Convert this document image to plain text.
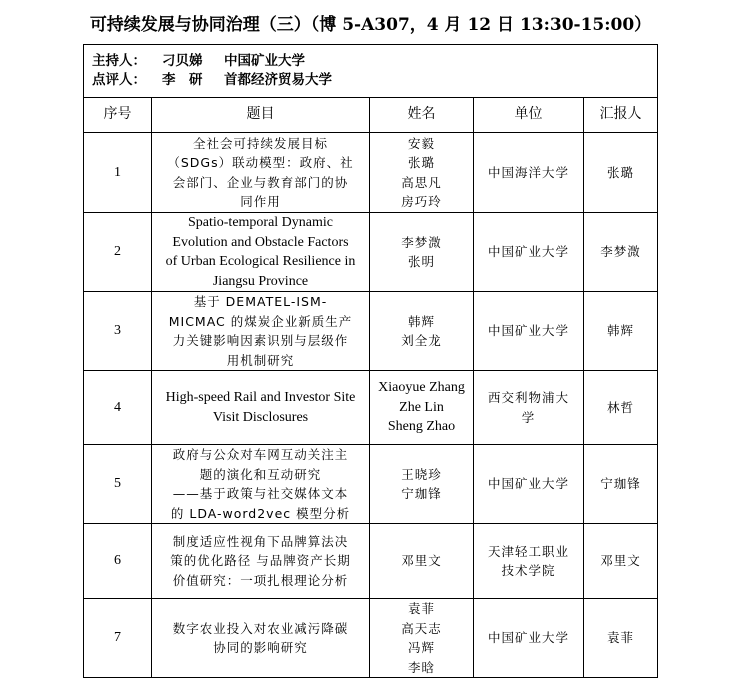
可持续发展与协同治理（三）（博 5-A307，4 月 12 日 13:30-15:00）
主持人： 刁贝娣 中国矿业大学
点评人： 李　研 首都经济贸易大学				

序号	题目	姓名	单位	汇报人

1	全社会可持续发展目标
（SDGs）联动模型：政府、社
会部门、企业与教育部门的协
同作用	安毅
张璐
高思凡
房巧玲	中国海洋大学	张璐

2	Spatio-temporal Dynamic
Evolution and Obstacle Factors
of Urban Ecological Resilience in
Jiangsu Province	李梦溦
张明	中国矿业大学	李梦溦

3	基于 DEMATEL-ISM-
MICMAC 的煤炭企业新质生产
力关键影响因素识别与层级作
用机制研究	韩辉
刘全龙	中国矿业大学	韩辉

4	High-speed Rail and Investor Site
Visit Disclosures	Xiaoyue Zhang
Zhe Lin
Sheng Zhao	西交利物浦大
学	林哲

5	政府与公众对车网互动关注主
题的演化和互动研究
——基于政策与社交媒体文本
的 LDA-word2vec 模型分析	王晓珍
宁珈锋	中国矿业大学	宁珈锋

6	制度适应性视角下品牌算法决
策的优化路径 与品牌资产长期
价值研究：一项扎根理论分析	邓里文	天津轻工职业
技术学院	邓里文

7	数字农业投入对农业减污降碳
协同的影响研究	袁菲
高天志
冯辉
李晗	中国矿业大学	袁菲
